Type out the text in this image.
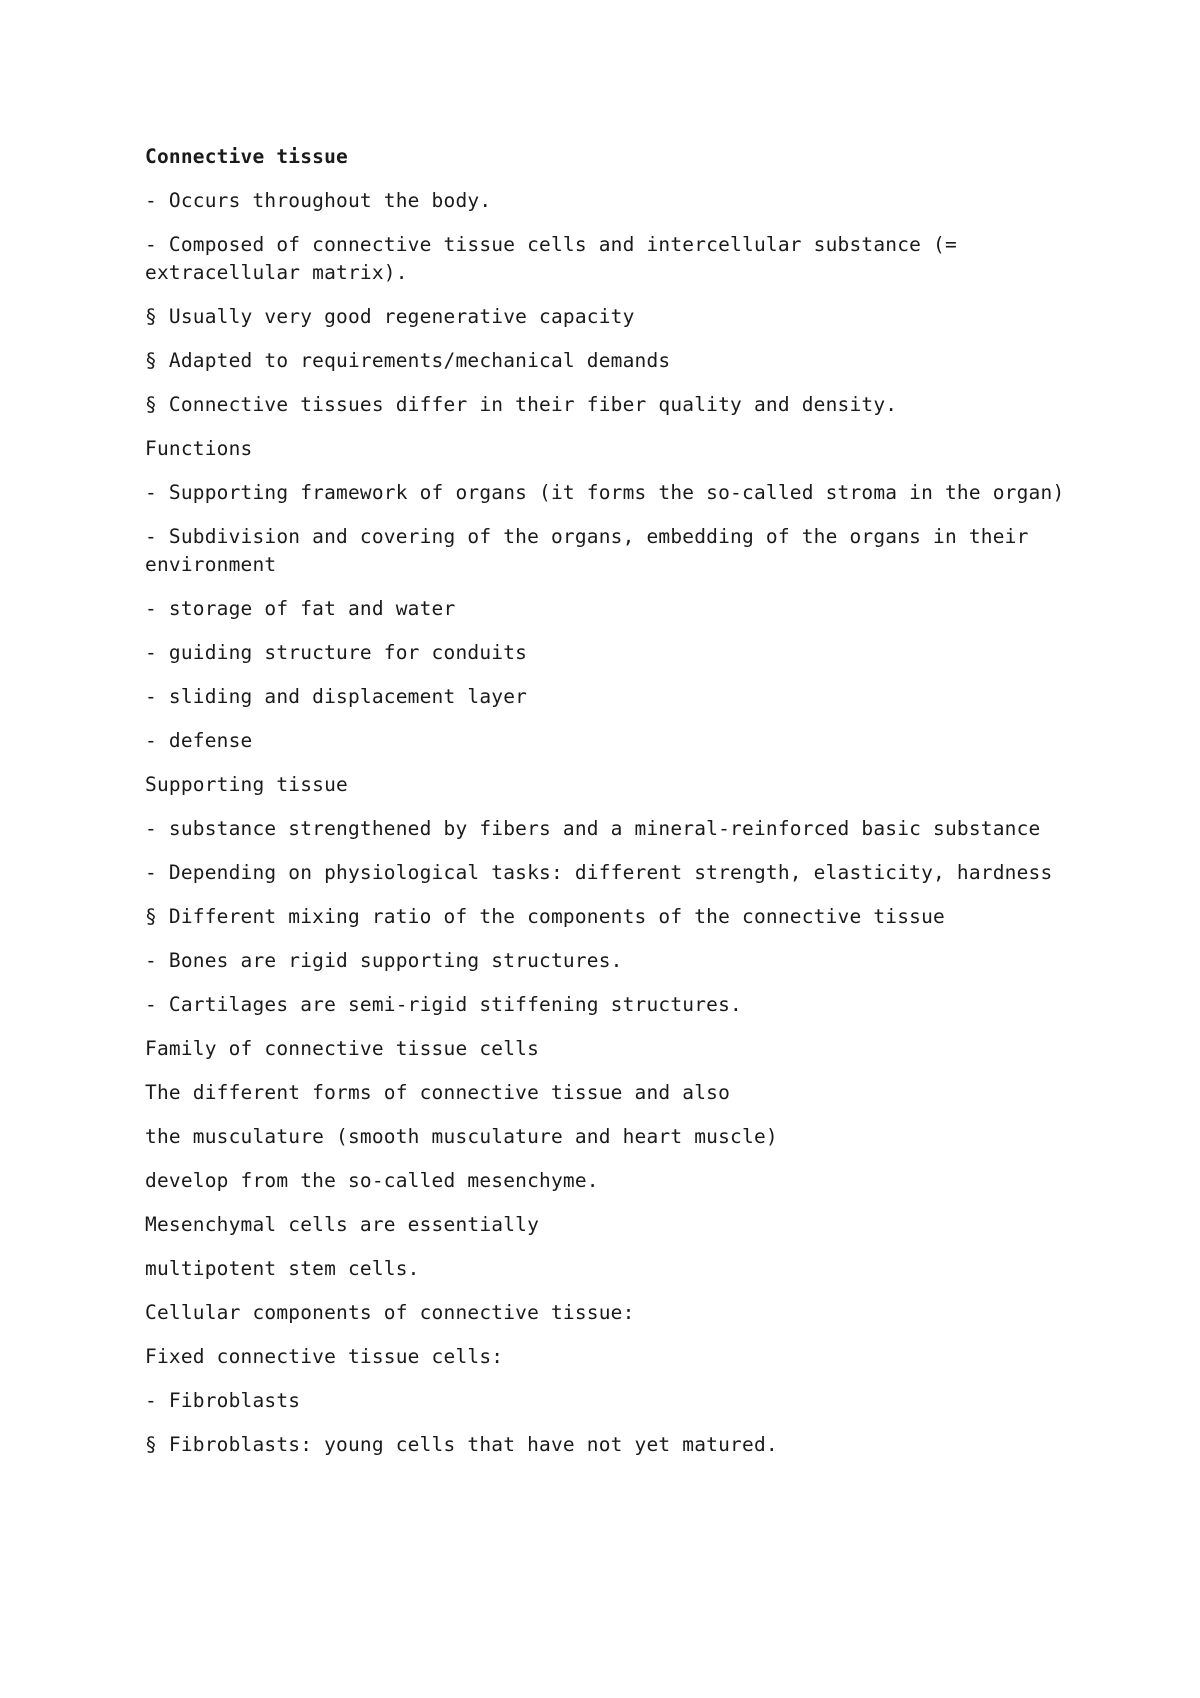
Connective tissue
- Occurs throughout the body.
- Composed of connective tissue cells and intercellular substance (= extracellular matrix).
§ Usually very good regenerative capacity
§ Adapted to requirements/mechanical demands
§ Connective tissues differ in their fiber quality and density.
Functions
- Supporting framework of organs (it forms the so-called stroma in the organ)
- Subdivision and covering of the organs, embedding of the organs in their environment
- storage of fat and water
- guiding structure for conduits
- sliding and displacement layer
- defense
Supporting tissue
- substance strengthened by fibers and a mineral-reinforced basic substance
- Depending on physiological tasks: different strength, elasticity, hardness
§ Different mixing ratio of the components of the connective tissue
- Bones are rigid supporting structures.
- Cartilages are semi-rigid stiffening structures.
Family of connective tissue cells
The different forms of connective tissue and also
the musculature (smooth musculature and heart muscle)
develop from the so-called mesenchyme.
Mesenchymal cells are essentially
multipotent stem cells.
Cellular components of connective tissue:
Fixed connective tissue cells:
- Fibroblasts
§ Fibroblasts: young cells that have not yet matured.
